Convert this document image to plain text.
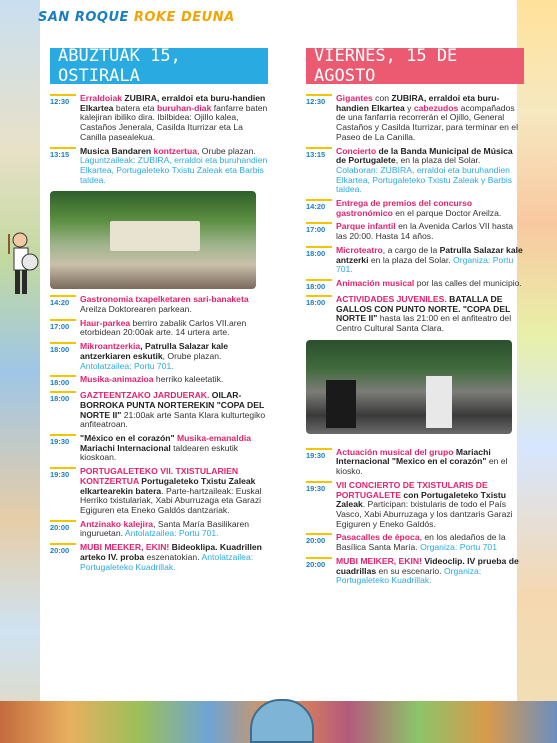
SAN ROQUE ROKE DEUNA
ABUZTUAK 15, OSTIRALA
12:30	Erraldoiak ZUBIRA, erraldoi eta buru-handien Elkartea batera eta buruhan-diak fanfarre baten kalejiran ibiliko dira. Ibilbidea: Ojillo kalea, Castaños Jenerala, Casilda Iturrizar eta La Canilla pasealekua.
13:15	Musica Bandaren kontzertua, Orube plazan. Laguntzaileak: ZUBIRA, erraldoi eta buruhandien Elkartea, Portugaleteko Txistu Zaleak eta Barbis taldea.
14:20	Gastronomia txapelketaren sari-banaketa Areilza Doktorearen parkean.
17:00	Haur-parkea berriro zabalik Carlos VII.aren etorbidean 20:00ak arte. 14 urtera arte.
18:00	Mikroantzerkia, Patrulla Salazar kale antzerkiaren eskutik, Orube plazan. Antolatzailea: Portu 701.
18:00	Musika-animazioa herriko kaleetatik.
18:00	GAZTEENTZAKO JARDUERAK. OILAR-BORROKA PUNTA NORTEREKIN "COPA DEL NORTE II" 21:00ak arte Santa Klara kulturtegiko anfiteatroan.
19:30	"México en el corazón" Musika-emanaldia Mariachi Internacional taldearen eskutik kioskoan.
19:30	PORTUGALETEKO VII. TXISTULARIEN KONTZERTUA Portugaleteko Txistu Zaleak elkartearekin batera. Parte-hartzaileak: Euskal Herriko txistulariak, Xabi Aburruzaga eta Garazi Egiguren eta Eneko Galdós dantzariak.
20:00	Antzinako kalejira, Santa María Basilikaren inguruetan. Antolatzailea: Portu 701.
20:00	MUBI MEEKER, EKIN! Bideoklipa. Kuadrillen arteko IV. proba eszenatokian. Antolatzailea: Portugaleteko Kuadrillak.
VIERNES, 15 DE AGOSTO
12:30	Gigantes con ZUBIRA, erraldoi eta buru-handien Elkartea y cabezudos acompañados de una fanfarria recorrerán el Ojillo, General Castaños y Casilda Iturrizar, para terminar en el Paseo de La Canilla.
13:15	Concierto de la Banda Municipal de Música de Portugalete, en la plaza del Solar. Colaboran: ZUBIRA, erraldoi eta buruhandien Elkartea, Portugaleteko Txistu Zaleak y Barbis taldea.
14:20	Entrega de premios del concurso gastronómico en el parque Doctor Areilza.
17:00	Parque infantil en la Avenida Carlos VII hasta las 20:00. Hasta 14 años.
18:00	Microteatro, a cargo de la Patrulla Salazar kale antzerki en la plaza del Solar. Organiza: Portu 701.
18:00	Animación musical por las calles del municipio.
18:00	ACTIVIDADES JUVENILES. BATALLA DE GALLOS CON PUNTO NORTE. "COPA DEL NORTE II" hasta las 21:00 en el anfiteatro del Centro Cultural Santa Clara.
19:30	Actuación musical del grupo Mariachi Internacional "Mexico en el corazón" en el kiosko.
19:30	VII CONCIERTO DE TXISTULARIS DE PORTUGALETE con Portugaleteko Txistu Zaleak. Participan: txistularis de todo el País Vasco, Xabi Aburruzaga y los dantzaris Garazi Egiguren y Eneko Galdós.
20:00	Pasacalles de época, en los aledaños de la Basílica Santa María. Organiza: Portu 701
20:00	MUBI MEIKER, EKIN! Videoclip. IV prueba de cuadrillas en su escenario. Organiza: Portugaleteko Kuadrillak.
